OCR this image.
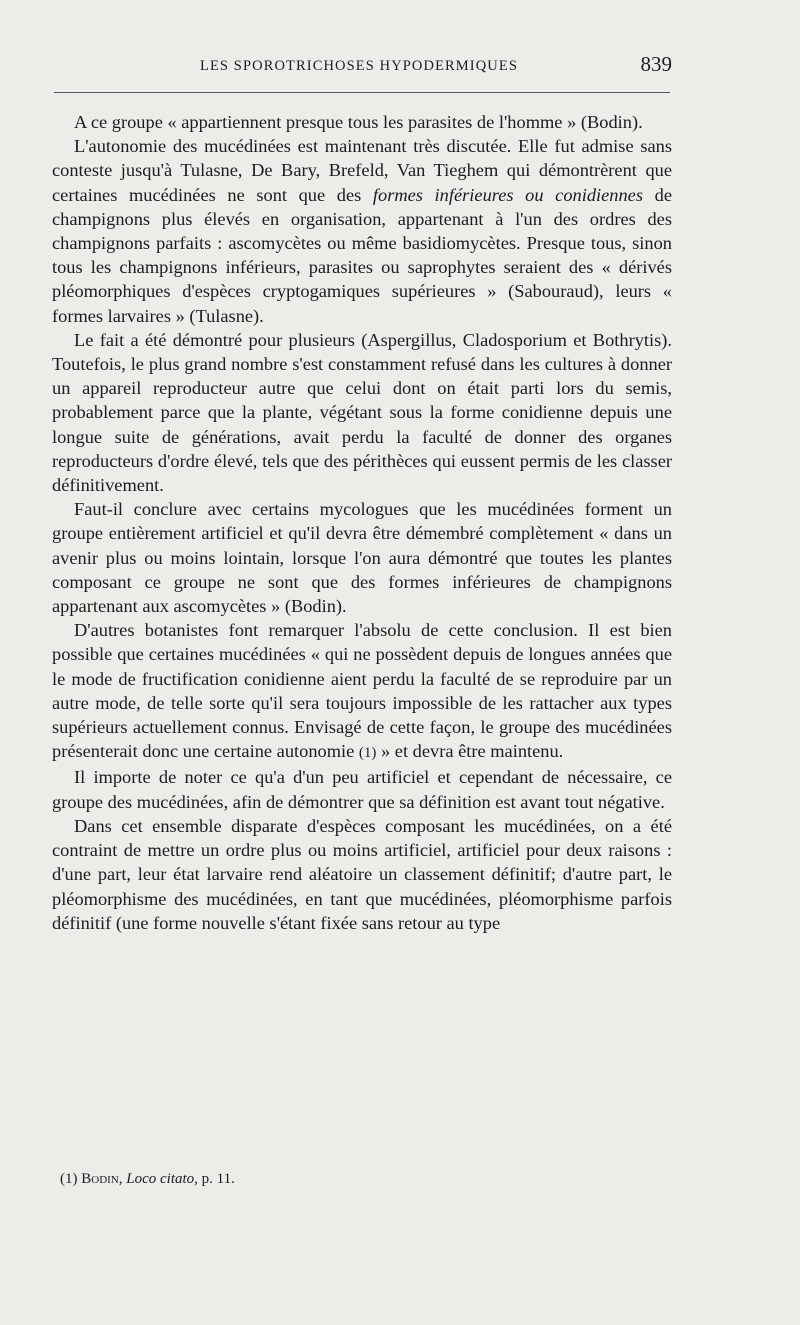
LES SPOROTRICHOSES HYPODERMIQUES	839

A ce groupe « appartiennent presque tous les parasites de l'homme » (Bodin).

L'autonomie des mucédinées est maintenant très discutée. Elle fut admise sans conteste jusqu'à Tulasne, De Bary, Brefeld, Van Tieghem qui démontrèrent que certaines mucédinées ne sont que des formes inférieures ou conidiennes de champignons plus élevés en organisation, appartenant à l'un des ordres des champignons parfaits : ascomycètes ou même basidiomycètes. Presque tous, sinon tous les champignons inférieurs, parasites ou saprophytes seraient des « dérivés pléomorphiques d'espèces cryptogamiques supérieures » (Sabouraud), leurs « formes larvaires » (Tulasne).

Le fait a été démontré pour plusieurs (Aspergillus, Cladosporium et Bothrytis). Toutefois, le plus grand nombre s'est constamment refusé dans les cultures à donner un appareil reproducteur autre que celui dont on était parti lors du semis, probablement parce que la plante, végétant sous la forme conidienne depuis une longue suite de générations, avait perdu la faculté de donner des organes reproducteurs d'ordre élevé, tels que des périthèces qui eussent permis de les classer définitivement.

Faut-il conclure avec certains mycologues que les mucédinées forment un groupe entièrement artificiel et qu'il devra être démembré complètement « dans un avenir plus ou moins lointain, lorsque l'on aura démontré que toutes les plantes composant ce groupe ne sont que des formes inférieures de champignons appartenant aux ascomycètes » (Bodin).

D'autres botanistes font remarquer l'absolu de cette conclusion. Il est bien possible que certaines mucédinées « qui ne possèdent depuis de longues années que le mode de fructification conidienne aient perdu la faculté de se reproduire par un autre mode, de telle sorte qu'il sera toujours impossible de les rattacher aux types supérieurs actuellement connus. Envisagé de cette façon, le groupe des mucédinées présenterait donc une certaine autonomie (1) » et devra être maintenu.

Il importe de noter ce qu'a d'un peu artificiel et cependant de nécessaire, ce groupe des mucédinées, afin de démontrer que sa définition est avant tout négative.

Dans cet ensemble disparate d'espèces composant les mucédinées, on a été contraint de mettre un ordre plus ou moins artificiel, artificiel pour deux raisons : d'une part, leur état larvaire rend aléatoire un classement définitif; d'autre part, le pléomorphisme des mucédinées, en tant que mucédinées, pléomorphisme parfois définitif (une forme nouvelle s'étant fixée sans retour au type

(1) Bodin, Loco citato, p. 11.
